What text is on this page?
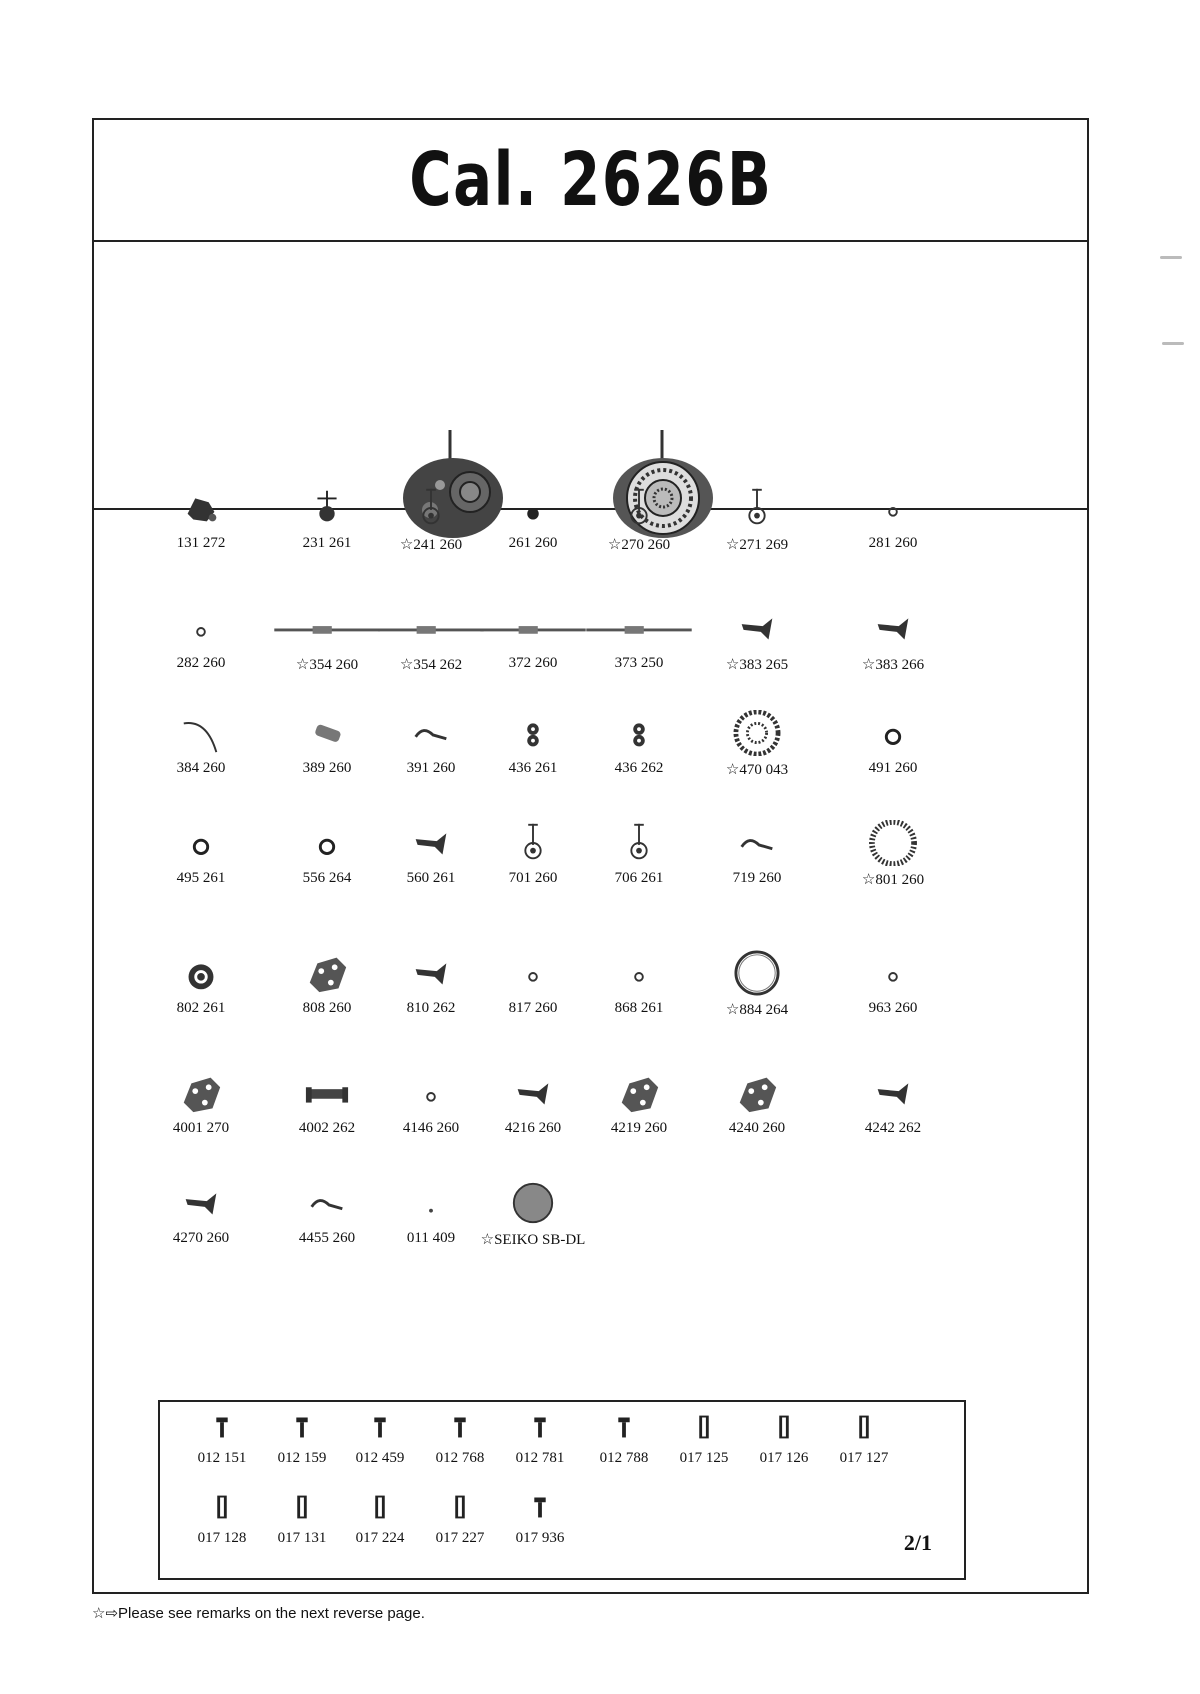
Cal. 2626B
131 272	231 261	☆241 260	261 260	☆270 260	☆271 269	281 260
282 260	☆354 260	☆354 262	372 260	373 250	☆383 265	☆383 266
384 260	389 260	391 260	436 261	436 262	☆470 043	491 260
495 261	556 264	560 261	701 260	706 261	719 260	☆801 260
802 261	808 260	810 262	817 260	868 261	☆884 264	963 260
4001 270	4002 262	4146 260	4216 260	4219 260	4240 260	4242 262
4270 260	4455 260	011 409	☆SEIKO SB-DL
012 151	012 159	012 459	012 768	012 781	012 788	017 125	017 126	017 127
017 128	017 131	017 224	017 227	017 936	2/1
☆⇨Please see remarks on the next reverse page.
